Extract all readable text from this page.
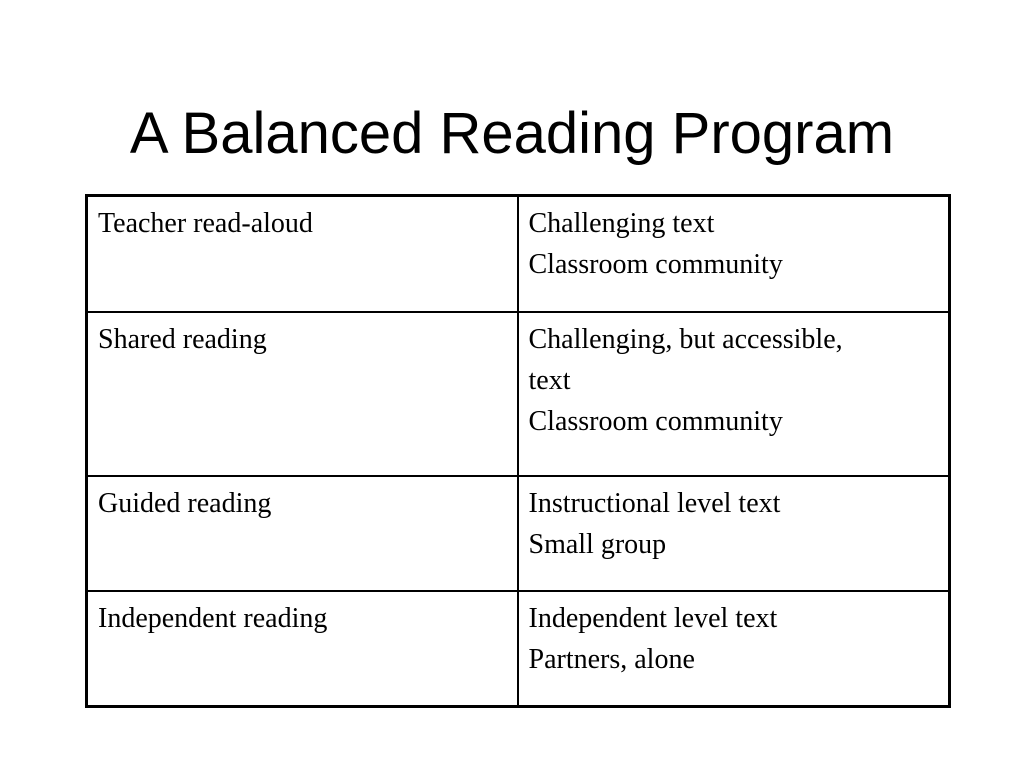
A Balanced Reading Program
Teacher read-aloud	Challenging text
Classroom community

Shared reading	Challenging, but accessible,
text
Classroom community

Guided reading	Instructional level text
Small group

Independent reading	Independent level text
Partners, alone
